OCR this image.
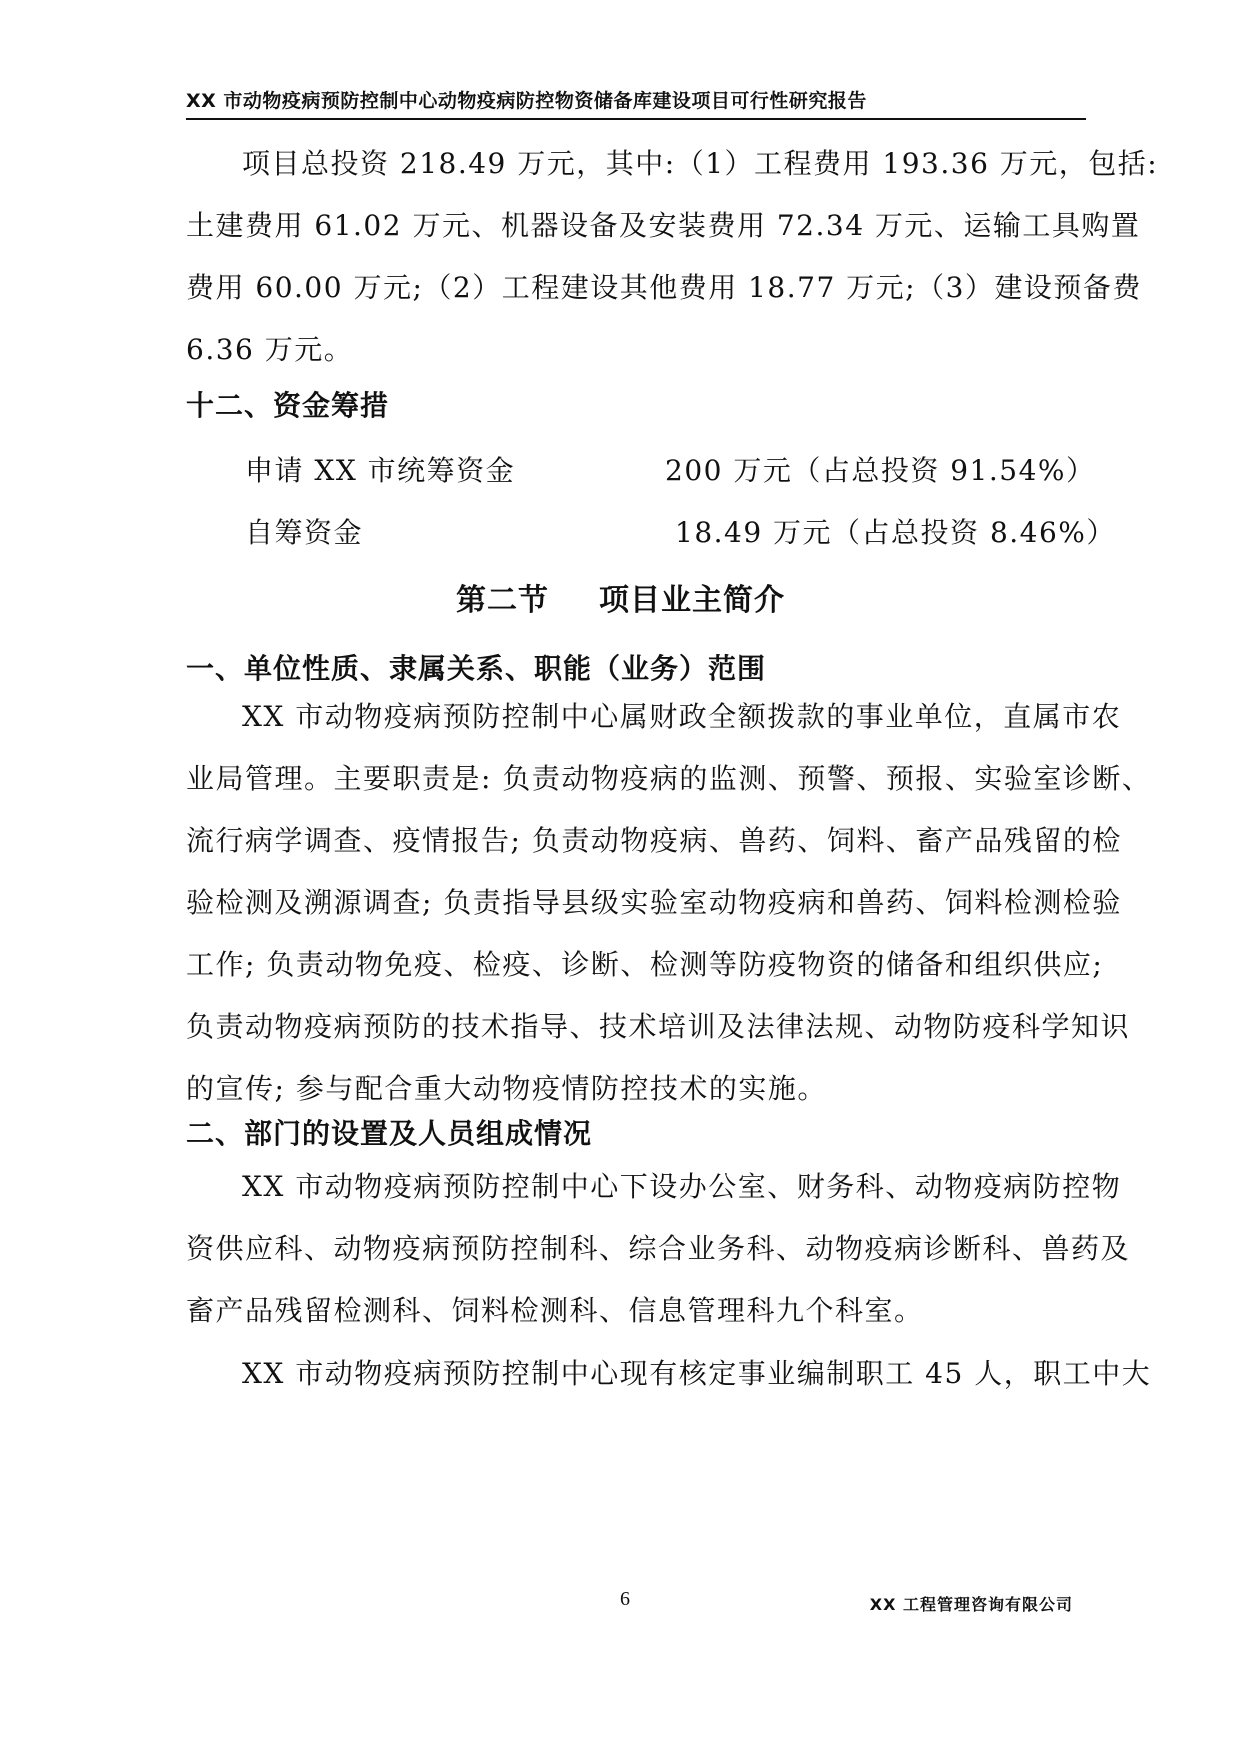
XX 市动物疫病预防控制中心动物疫病防控物资储备库建设项目可行性研究报告
项目总投资 218.49 万元，其中:（1）工程费用 193.36 万元，包括:
土建费用 61.02 万元、机器设备及安装费用 72.34 万元、运输工具购置
费用 60.00 万元;（2）工程建设其他费用 18.77 万元;（3）建设预备费
6.36 万元。
十二、资金筹措
申请 XX 市统筹资金	200 万元（占总投资 91.54%）
自筹资金	18.49 万元（占总投资 8.46%）
第二节 项目业主简介
一、单位性质、隶属关系、职能（业务）范围
XX 市动物疫病预防控制中心属财政全额拨款的事业单位，直属市农
业局管理。主要职责是: 负责动物疫病的监测、预警、预报、实验室诊断、
流行病学调查、疫情报告; 负责动物疫病、兽药、饲料、畜产品残留的检
验检测及溯源调查; 负责指导县级实验室动物疫病和兽药、饲料检测检验
工作; 负责动物免疫、检疫、诊断、检测等防疫物资的储备和组织供应;
负责动物疫病预防的技术指导、技术培训及法律法规、动物防疫科学知识
的宣传; 参与配合重大动物疫情防控技术的实施。
二、部门的设置及人员组成情况
XX 市动物疫病预防控制中心下设办公室、财务科、动物疫病防控物
资供应科、动物疫病预防控制科、综合业务科、动物疫病诊断科、兽药及
畜产品残留检测科、饲料检测科、信息管理科九个科室。
XX 市动物疫病预防控制中心现有核定事业编制职工 45 人，职工中大
6	XX 工程管理咨询有限公司
